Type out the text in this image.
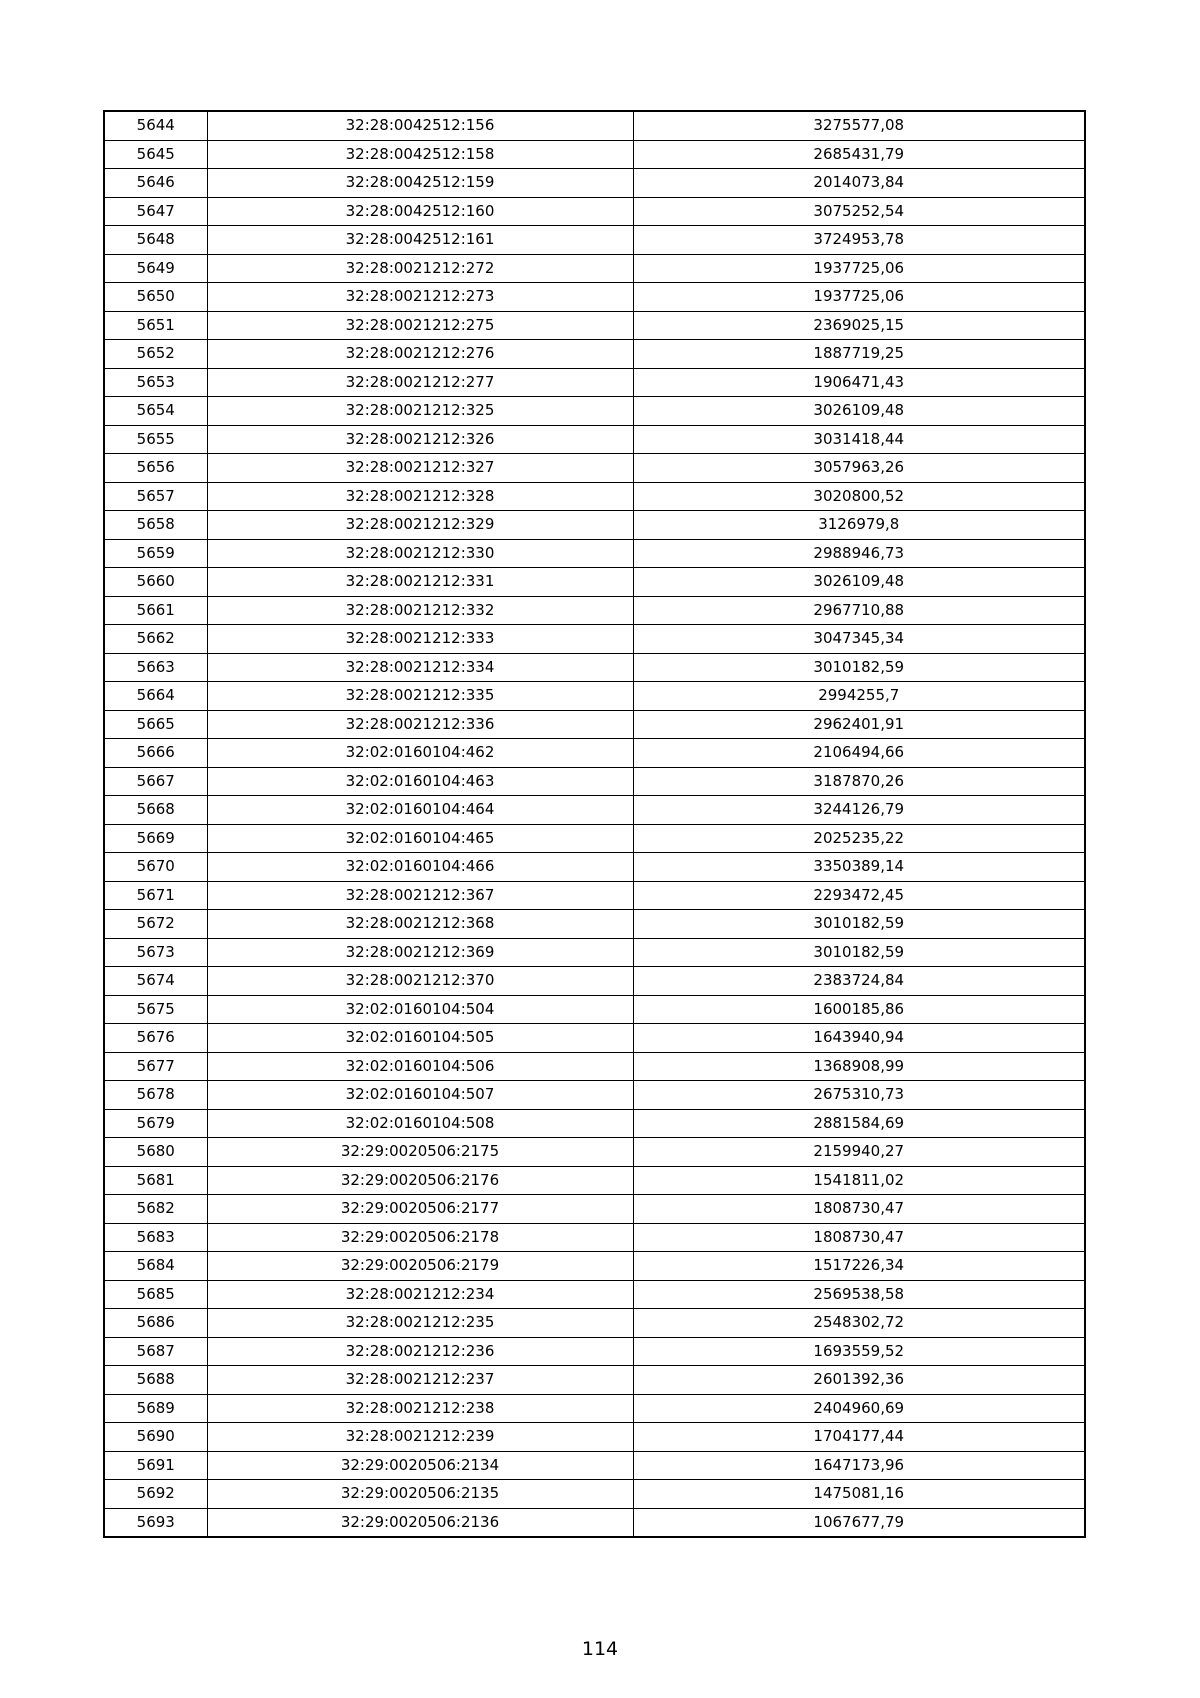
5644	32:28:0042512:156	3275577,08
5645	32:28:0042512:158	2685431,79
5646	32:28:0042512:159	2014073,84
5647	32:28:0042512:160	3075252,54
5648	32:28:0042512:161	3724953,78
5649	32:28:0021212:272	1937725,06
5650	32:28:0021212:273	1937725,06
5651	32:28:0021212:275	2369025,15
5652	32:28:0021212:276	1887719,25
5653	32:28:0021212:277	1906471,43
5654	32:28:0021212:325	3026109,48
5655	32:28:0021212:326	3031418,44
5656	32:28:0021212:327	3057963,26
5657	32:28:0021212:328	3020800,52
5658	32:28:0021212:329	3126979,8
5659	32:28:0021212:330	2988946,73
5660	32:28:0021212:331	3026109,48
5661	32:28:0021212:332	2967710,88
5662	32:28:0021212:333	3047345,34
5663	32:28:0021212:334	3010182,59
5664	32:28:0021212:335	2994255,7
5665	32:28:0021212:336	2962401,91
5666	32:02:0160104:462	2106494,66
5667	32:02:0160104:463	3187870,26
5668	32:02:0160104:464	3244126,79
5669	32:02:0160104:465	2025235,22
5670	32:02:0160104:466	3350389,14
5671	32:28:0021212:367	2293472,45
5672	32:28:0021212:368	3010182,59
5673	32:28:0021212:369	3010182,59
5674	32:28:0021212:370	2383724,84
5675	32:02:0160104:504	1600185,86
5676	32:02:0160104:505	1643940,94
5677	32:02:0160104:506	1368908,99
5678	32:02:0160104:507	2675310,73
5679	32:02:0160104:508	2881584,69
5680	32:29:0020506:2175	2159940,27
5681	32:29:0020506:2176	1541811,02
5682	32:29:0020506:2177	1808730,47
5683	32:29:0020506:2178	1808730,47
5684	32:29:0020506:2179	1517226,34
5685	32:28:0021212:234	2569538,58
5686	32:28:0021212:235	2548302,72
5687	32:28:0021212:236	1693559,52
5688	32:28:0021212:237	2601392,36
5689	32:28:0021212:238	2404960,69
5690	32:28:0021212:239	1704177,44
5691	32:29:0020506:2134	1647173,96
5692	32:29:0020506:2135	1475081,16
5693	32:29:0020506:2136	1067677,79
114
